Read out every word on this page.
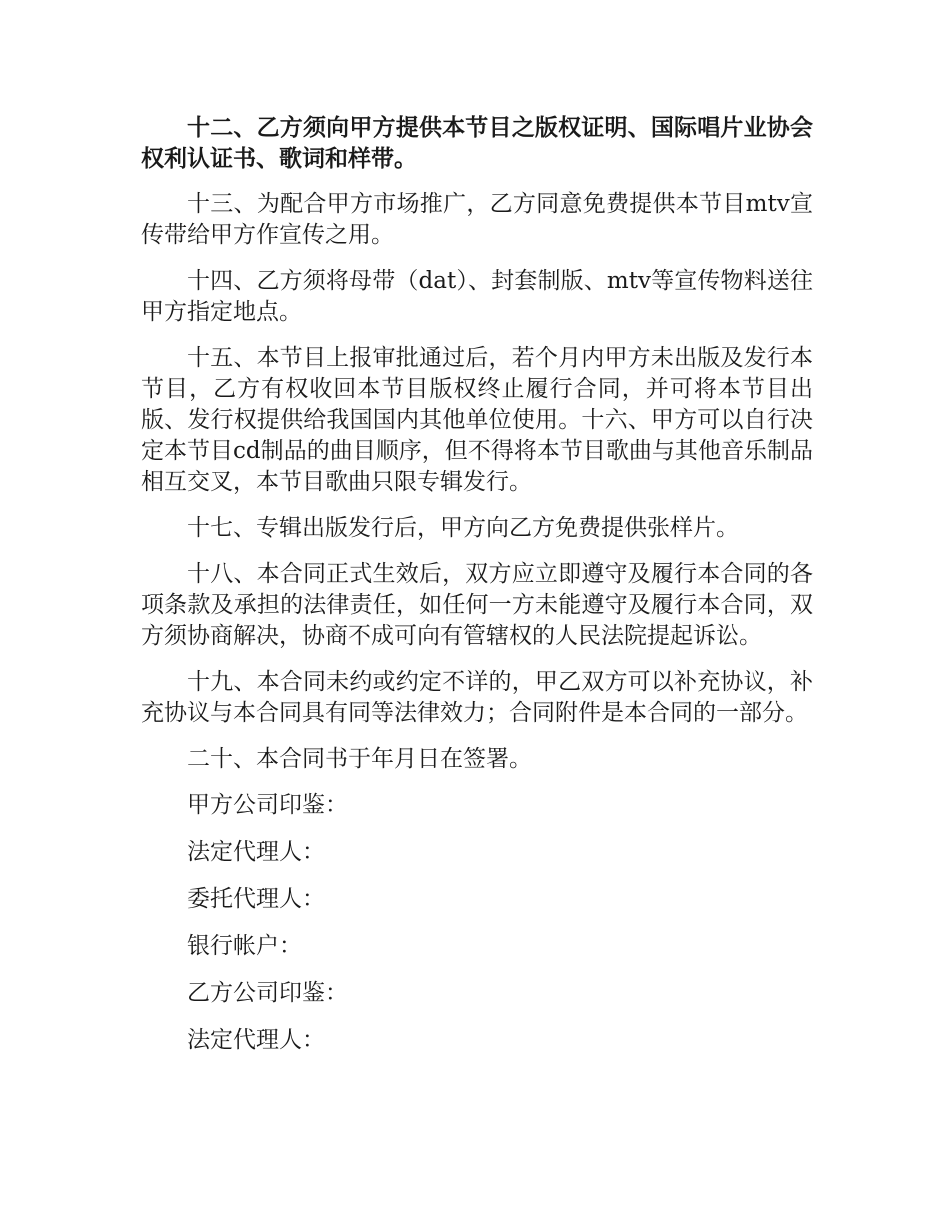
十二、乙方须向甲方提供本节目之版权证明、国际唱片业协会权利认证书、歌词和样带。

十三、为配合甲方市场推广，乙方同意免费提供本节目mtv宣传带给甲方作宣传之用。

十四、乙方须将母带（dat）、封套制版、mtv等宣传物料送往甲方指定地点。

十五、本节目上报审批通过后，若个月内甲方未出版及发行本节目，乙方有权收回本节目版权终止履行合同，并可将本节目出版、发行权提供给我国国内其他单位使用。十六、甲方可以自行决定本节目cd制品的曲目顺序，但不得将本节目歌曲与其他音乐制品相互交叉，本节目歌曲只限专辑发行。

十七、专辑出版发行后，甲方向乙方免费提供张样片。

十八、本合同正式生效后，双方应立即遵守及履行本合同的各项条款及承担的法律责任，如任何一方未能遵守及履行本合同，双方须协商解决，协商不成可向有管辖权的人民法院提起诉讼。

十九、本合同未约或约定不详的，甲乙双方可以补充协议，补充协议与本合同具有同等法律效力；合同附件是本合同的一部分。

二十、本合同书于年月日在签署。

甲方公司印鉴：

法定代理人：

委托代理人：

银行帐户：

乙方公司印鉴：

法定代理人：
